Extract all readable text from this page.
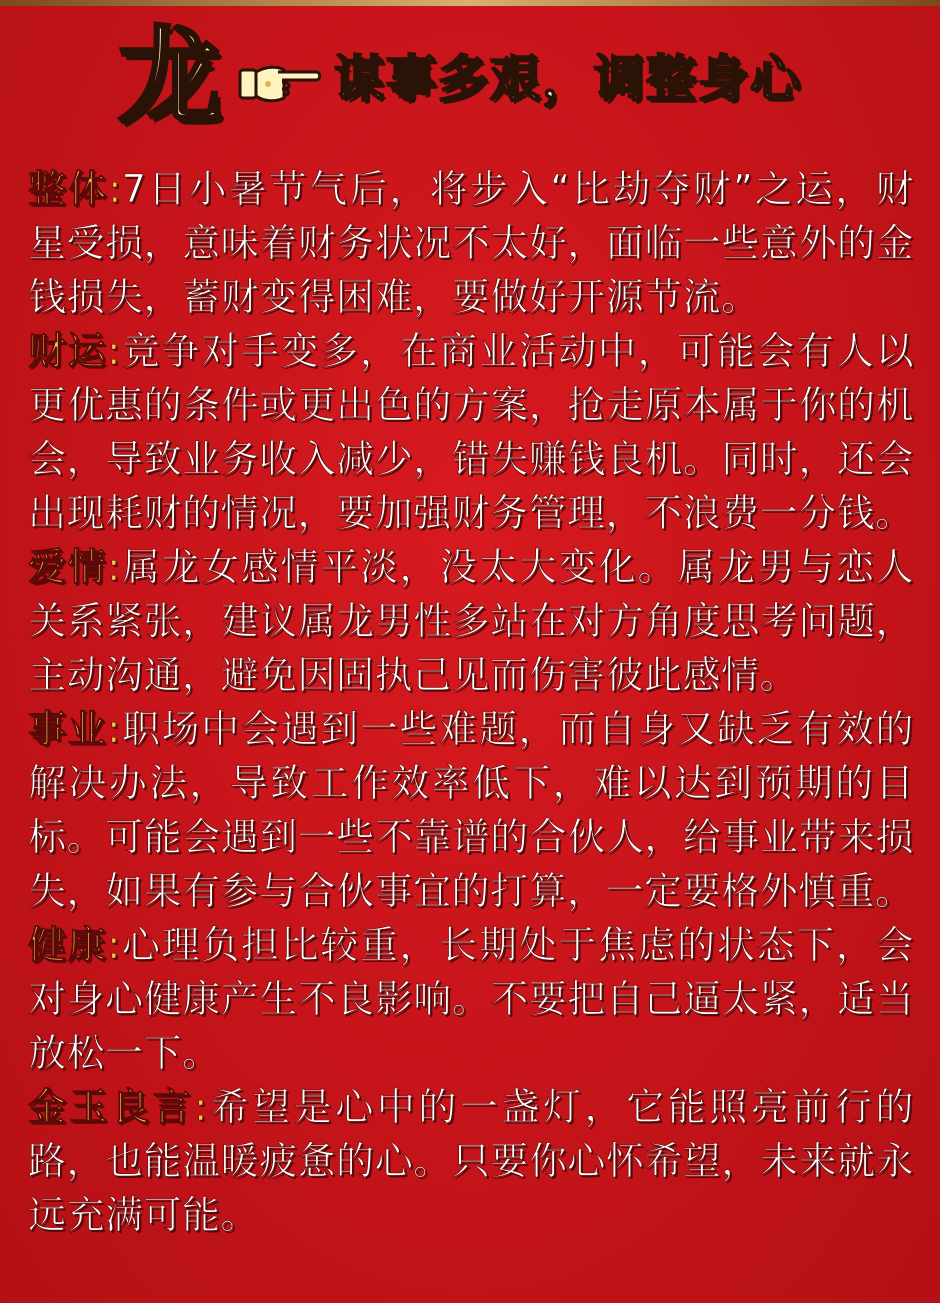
龙 谋事多艰，调整身心
整体:7日小暑节气后，将步入“比劫夺财”之运，财星受损，意味着财务状况不太好，面临一些意外的金钱损失，蓄财变得困难，要做好开源节流。
财运:竞争对手变多，在商业活动中，可能会有人以更优惠的条件或更出色的方案，抢走原本属于你的机会，导致业务收入减少，错失赚钱良机。同时，还会出现耗财的情况，要加强财务管理，不浪费一分钱。
爱情:属龙女感情平淡，没太大变化。属龙男与恋人关系紧张，建议属龙男性多站在对方角度思考问题，主动沟通，避免因固执己见而伤害彼此感情。
事业:职场中会遇到一些难题，而自身又缺乏有效的解决办法，导致工作效率低下，难以达到预期的目标。可能会遇到一些不靠谱的合伙人，给事业带来损失，如果有参与合伙事宜的打算，一定要格外慎重。
健康:心理负担比较重，长期处于焦虑的状态下，会对身心健康产生不良影响。不要把自己逼太紧，适当放松一下。
金玉良言:希望是心中的一盏灯，它能照亮前行的路，也能温暖疲惫的心。只要你心怀希望，未来就永远充满可能。
